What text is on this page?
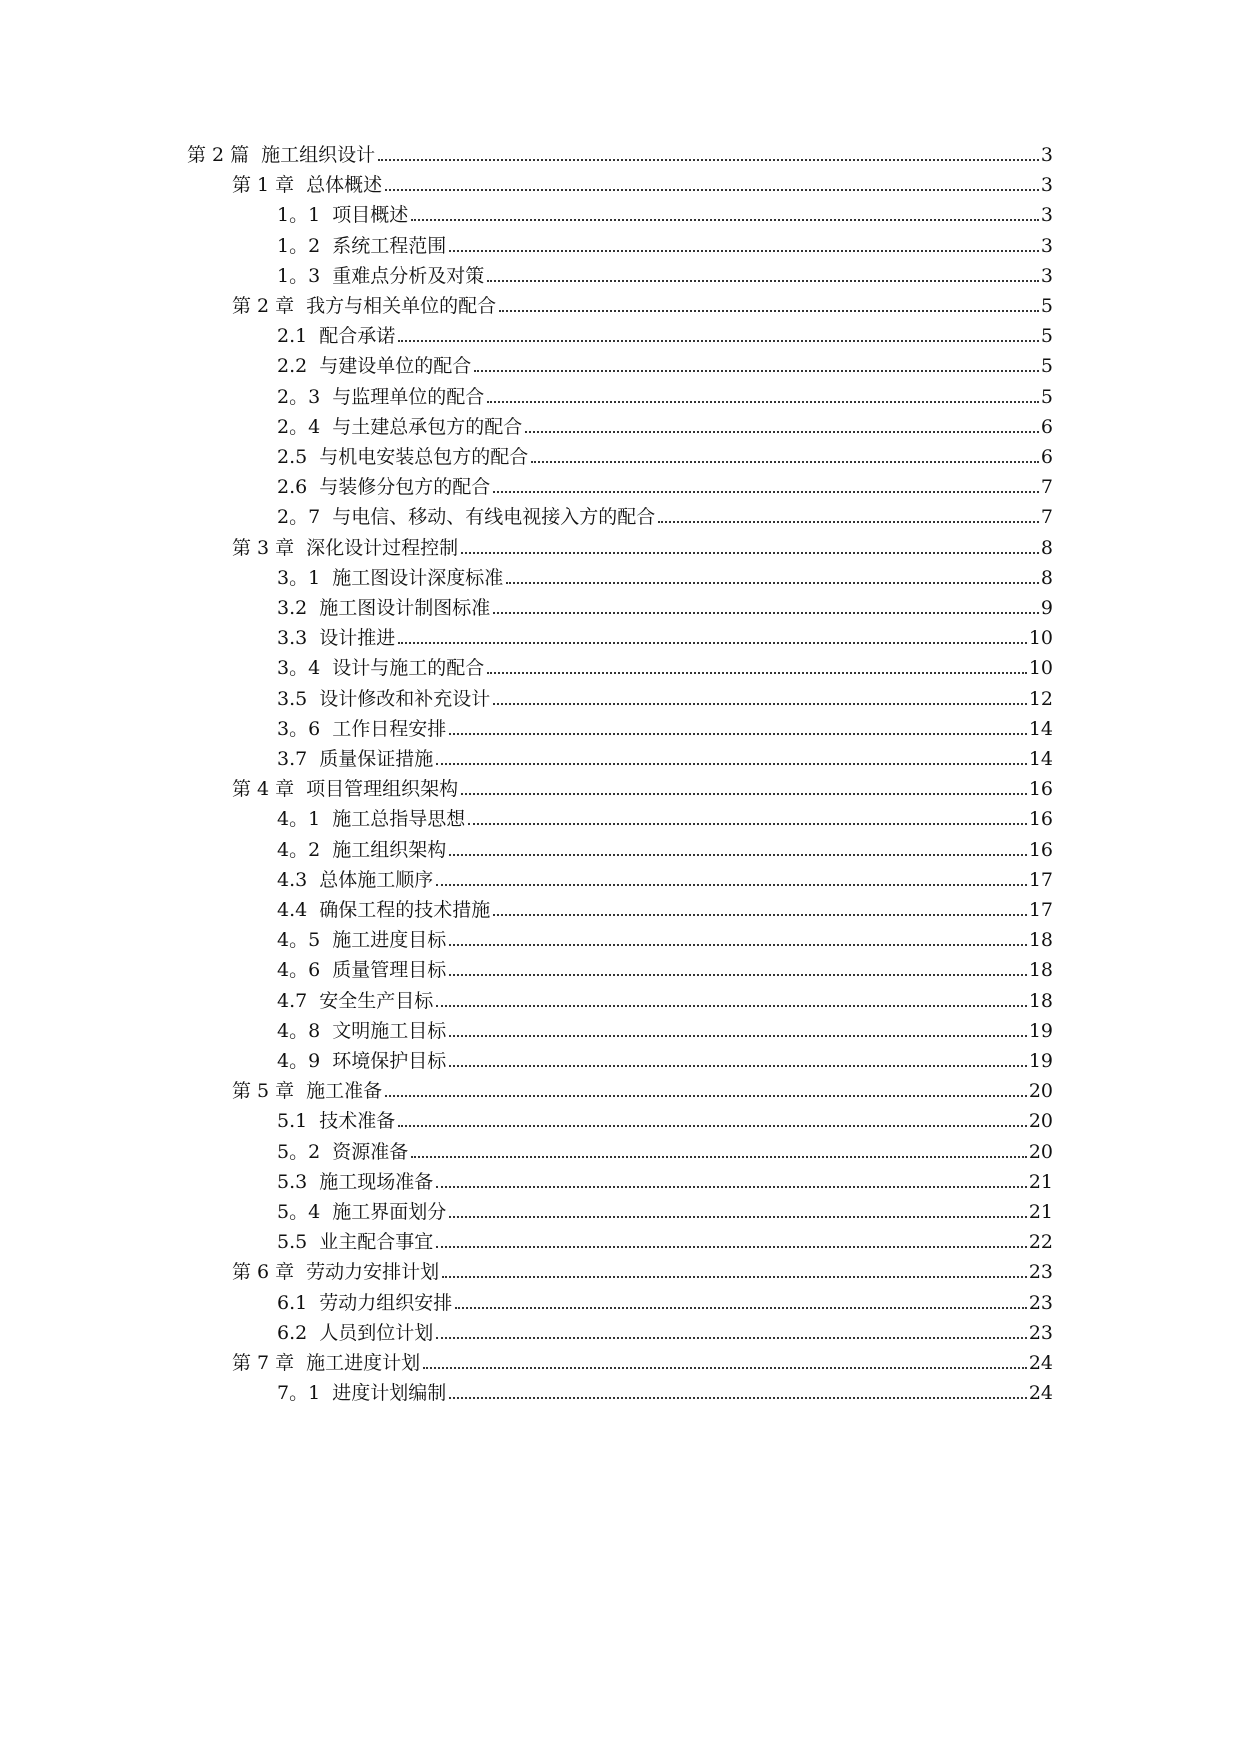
第 2 篇 施工组织设计	3
第 1 章 总体概述	3
1。1 项目概述	3
1。2 系统工程范围	3
1。3 重难点分析及对策	3
第 2 章 我方与相关单位的配合	5
2.1 配合承诺	5
2.2 与建设单位的配合	5
2。3 与监理单位的配合	5
2。4 与土建总承包方的配合	6
2.5 与机电安装总包方的配合	6
2.6 与装修分包方的配合	7
2。7 与电信、移动、有线电视接入方的配合	7
第 3 章 深化设计过程控制	8
3。1 施工图设计深度标准	8
3.2 施工图设计制图标准	9
3.3 设计推进	10
3。4 设计与施工的配合	10
3.5 设计修改和补充设计	12
3。6 工作日程安排	14
3.7 质量保证措施	14
第 4 章 项目管理组织架构	16
4。1 施工总指导思想	16
4。2 施工组织架构	16
4.3 总体施工顺序	17
4.4 确保工程的技术措施	17
4。5 施工进度目标	18
4。6 质量管理目标	18
4.7 安全生产目标	18
4。8 文明施工目标	19
4。9 环境保护目标	19
第 5 章 施工准备	20
5.1 技术准备	20
5。2 资源准备	20
5.3 施工现场准备	21
5。4 施工界面划分	21
5.5 业主配合事宜	22
第 6 章 劳动力安排计划	23
6.1 劳动力组织安排	23
6.2 人员到位计划	23
第 7 章 施工进度计划	24
7。1 进度计划编制	24
